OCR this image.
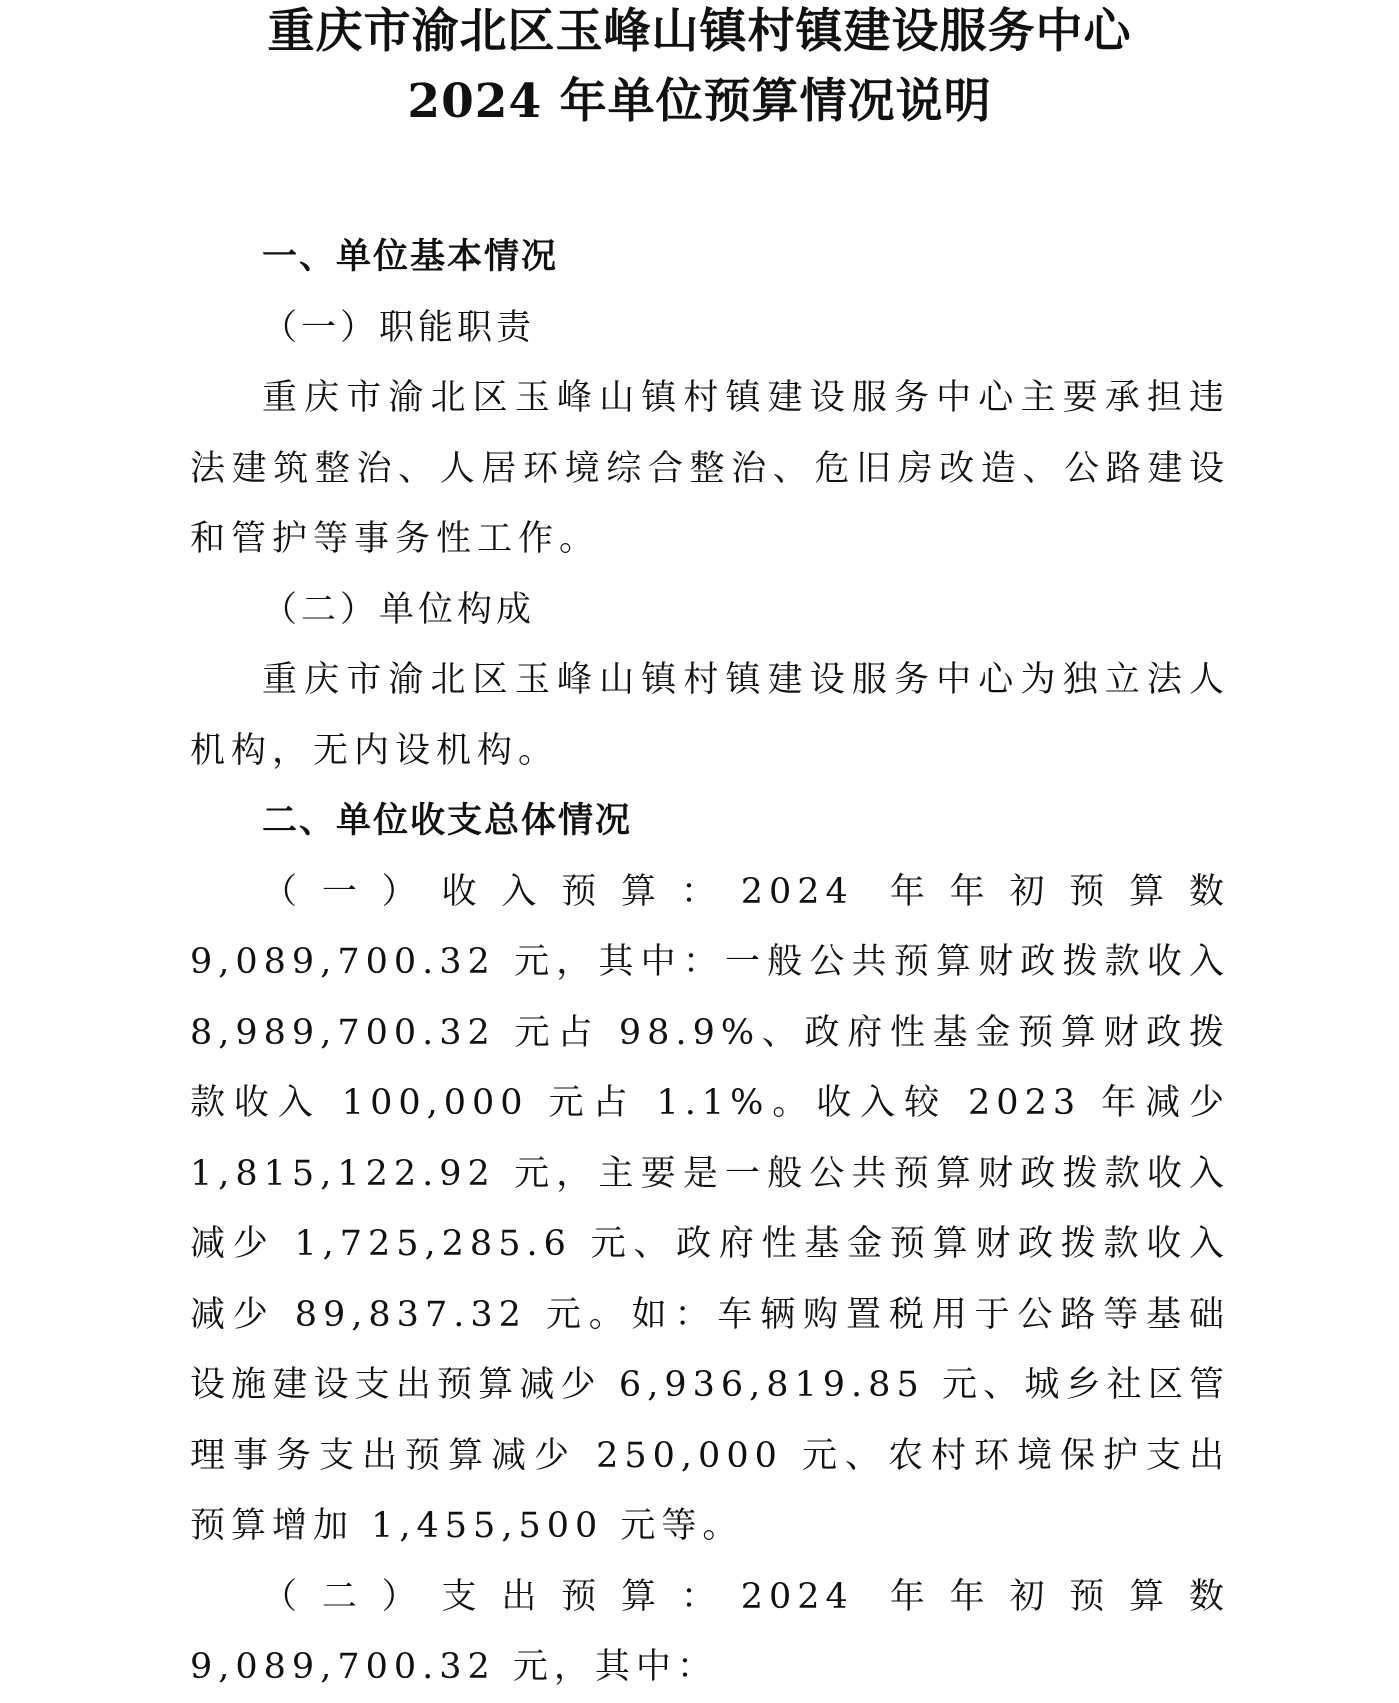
重庆市渝北区玉峰山镇村镇建设服务中心
2024 年单位预算情况说明

一、单位基本情况

（一）职能职责

重庆市渝北区玉峰山镇村镇建设服务中心主要承担违法建筑整治、人居环境综合整治、危旧房改造、公路建设和管护等事务性工作。

（二）单位构成

重庆市渝北区玉峰山镇村镇建设服务中心为独立法人机构，无内设机构。

二、单位收支总体情况

（一）收入预算：2024 年年初预算数 9,089,700.32 元，其中：一般公共预算财政拨款收入 8,989,700.32 元占 98.9%、政府性基金预算财政拨款收入 100,000 元占 1.1%。收入较 2023 年减少 1,815,122.92 元，主要是一般公共预算财政拨款收入减少 1,725,285.6 元、政府性基金预算财政拨款收入减少 89,837.32 元。如：车辆购置税用于公路等基础设施建设支出预算减少 6,936,819.85 元、城乡社区管理事务支出预算减少 250,000 元、农村环境保护支出预算增加 1,455,500 元等。

（二）支出预算：2024 年年初预算数 9,089,700.32 元，其中：
